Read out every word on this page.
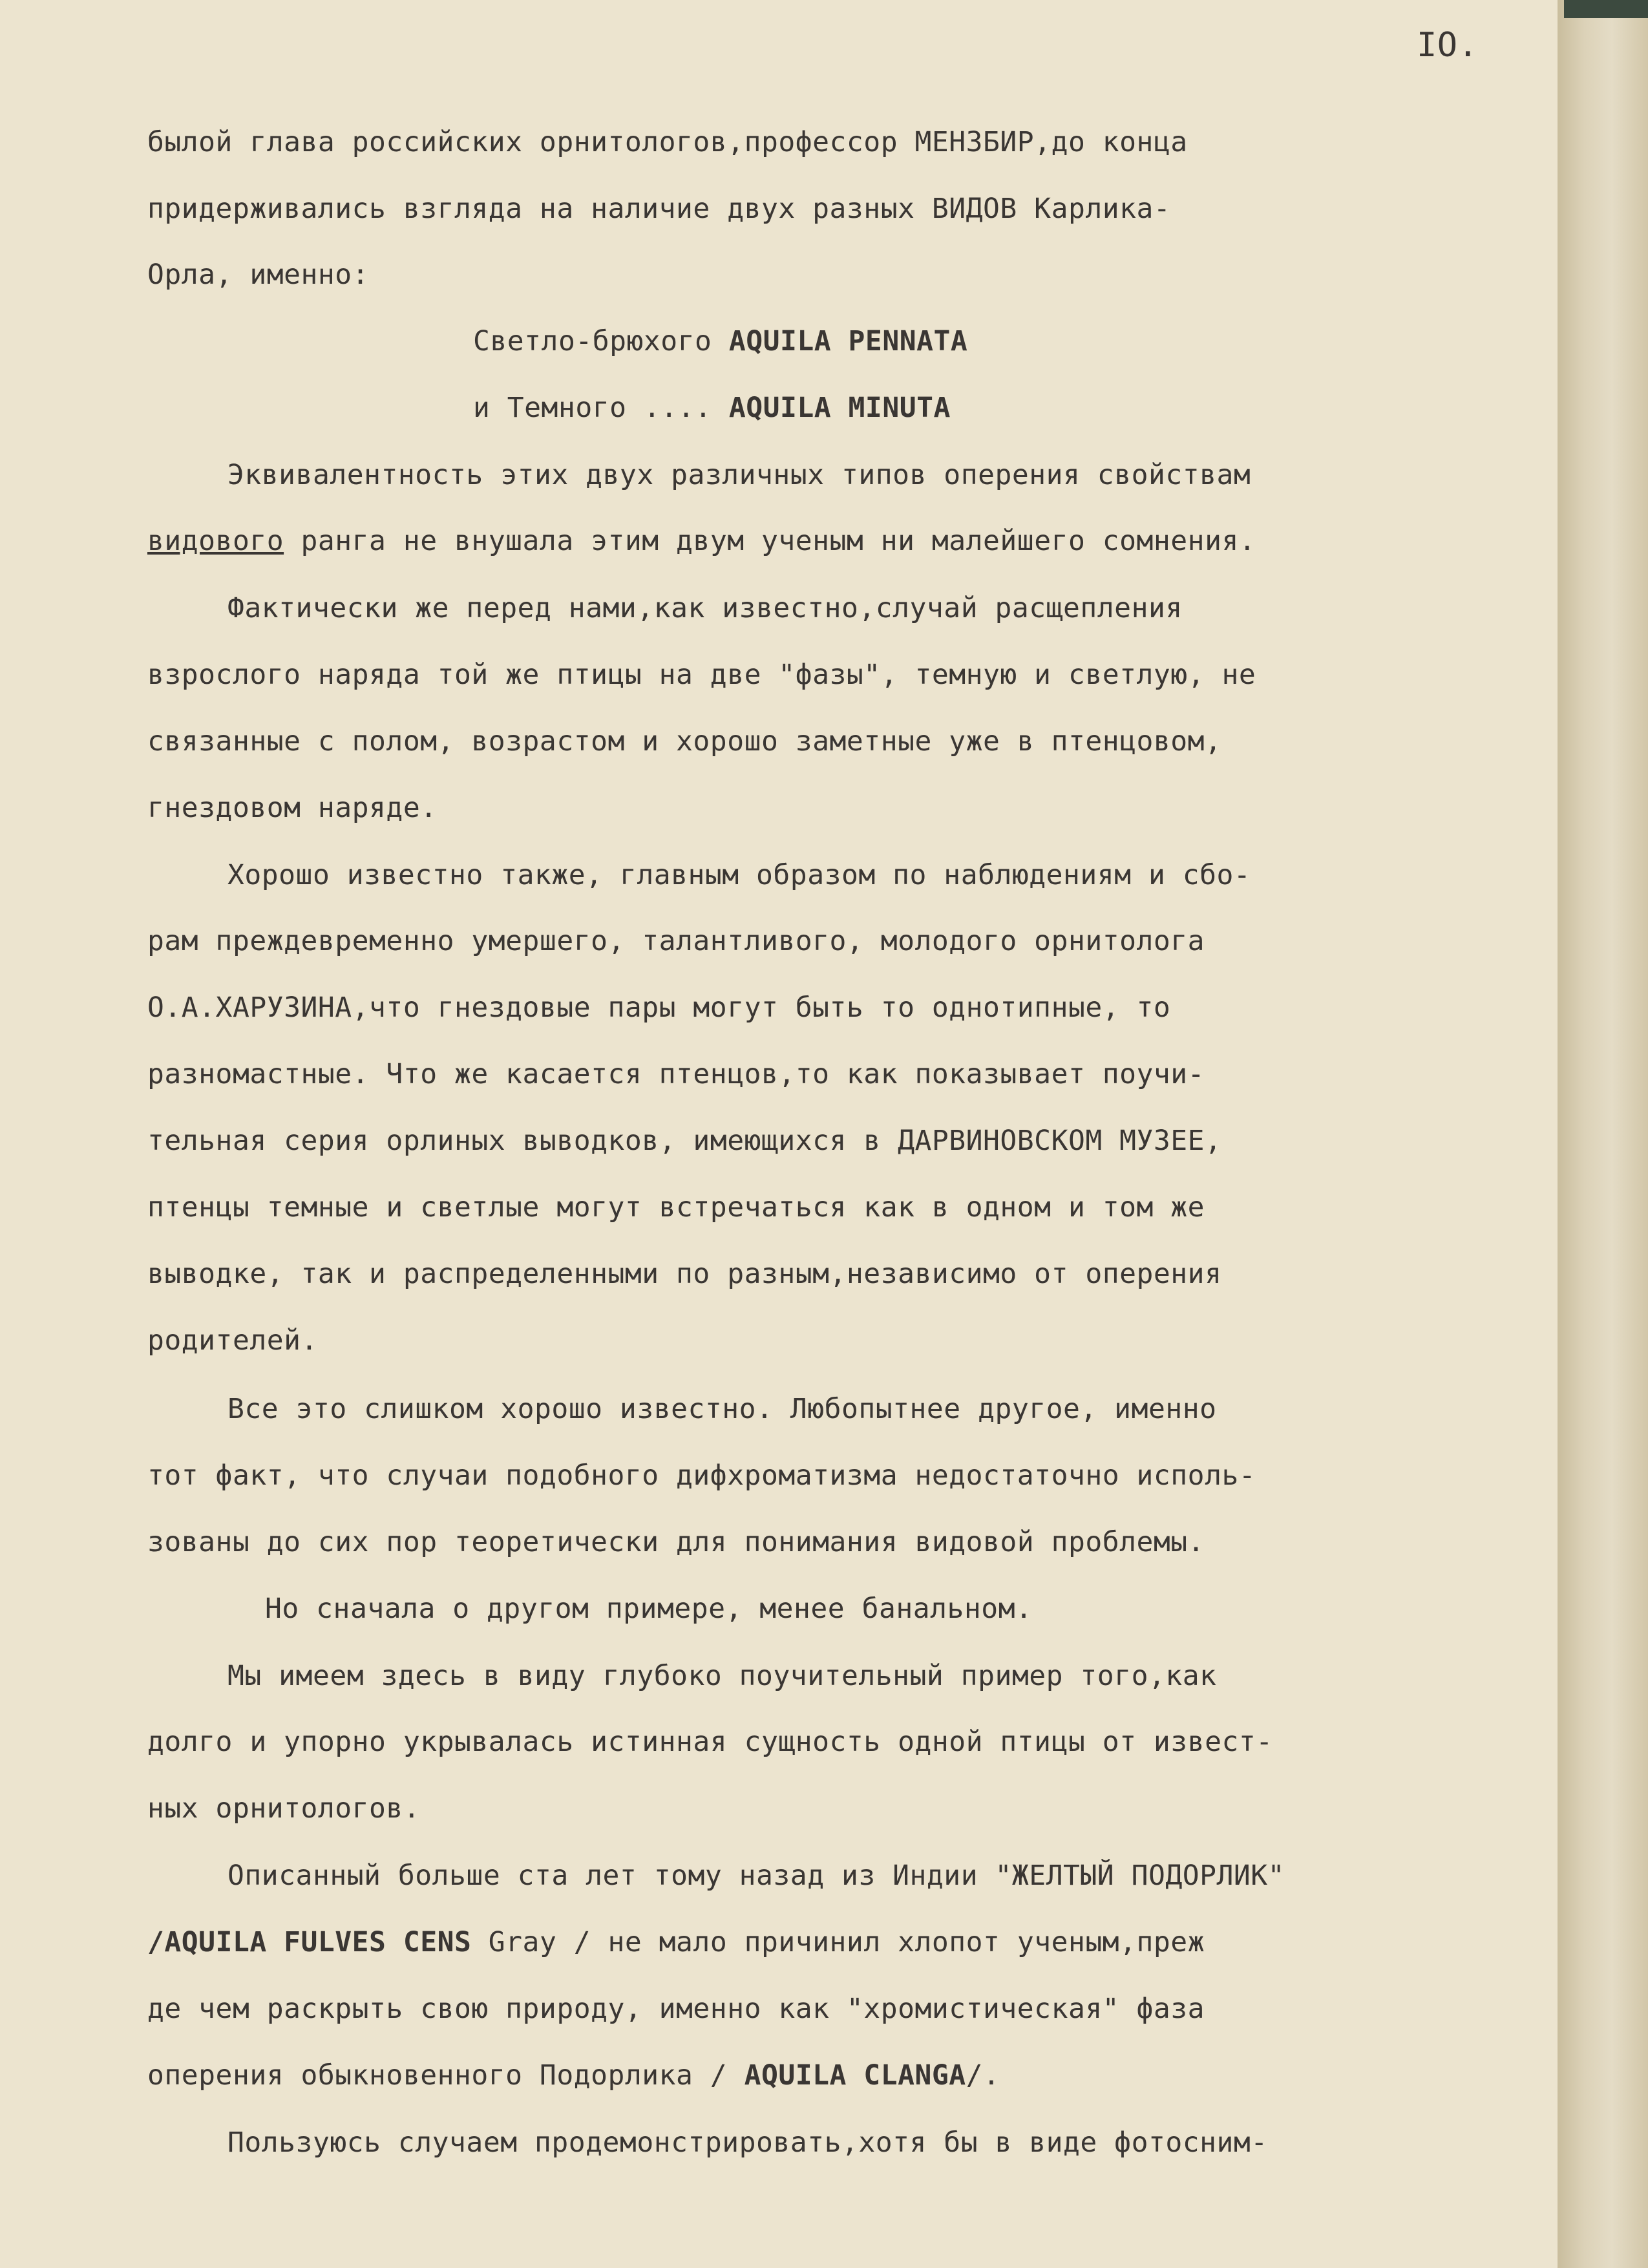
IO.
былой глава российских орнитологов,профессор МЕНЗБИР,до конца
придерживались взгляда на наличие двух разных ВИДОВ Карлика-
Орла, именно:
Светло-брюхого AQUILA PENNATA
и Темного .... AQUILA MINUTA
Эквивалентность этих двух различных типов оперения свойствам
видового ранга не внушала этим двум ученым ни малейшего сомнения.
Фактически же перед нами,как известно,случай расщепления
взрослого наряда той же птицы на две "фазы", темную и светлую, не
связанные с полом, возрастом и хорошо заметные уже в птенцовом,
гнездовом наряде.
Хорошо известно также, главным образом по наблюдениям и сбо-
рам преждевременно умершего, талантливого, молодого орнитолога
О.А.ХАРУЗИНА,что гнездовые пары могут быть то однотипные, то
разномастные. Что же касается птенцов,то как показывает поучи-
тельная серия орлиных выводков, имеющихся в ДАРВИНОВСКОМ МУЗЕЕ,
птенцы темные и светлые могут встречаться как в одном и том же
выводке, так и распределенными по разным,независимо от оперения
родителей.
Все это слишком хорошо известно. Любопытнее другое, именно
тот факт, что случаи подобного дифхроматизма недостаточно исполь-
зованы до сих пор теоретически для понимания видовой проблемы.
Но сначала о другом примере, менее банальном.
Мы имеем здесь в виду глубоко поучительный пример того,как
долго и упорно укрывалась истинная сущность одной птицы от извест-
ных орнитологов.
Описанный больше ста лет тому назад из Индии "ЖЕЛТЫЙ ПОДОРЛИК"
/AQUILA FULVES CENS Gray / не мало причинил хлопот ученым,преж
де чем раскрыть свою природу, именно как "хромистическая" фаза
оперения обыкновенного Подорлика / AQUILA CLANGA/.
Пользуюсь случаем продемонстрировать,хотя бы в виде фотосним-
